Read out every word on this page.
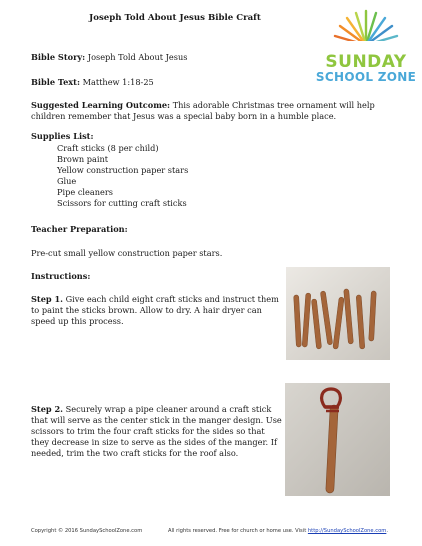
Joseph Told About Jesus Bible Craft
SUNDAY
SCHOOL ZONE
Bible Story: Joseph Told About Jesus
Bible Text: Matthew 1:18-25
Suggested Learning Outcome: This adorable Christmas tree ornament will help children remember that Jesus was a special baby born in a humble place.
Supplies List:
Craft sticks (8 per child)
Brown paint
Yellow construction paper stars
Glue
Pipe cleaners
Scissors for cutting craft sticks
Teacher Preparation:
Pre-cut small yellow construction paper stars.
Instructions:
Step 1. Give each child eight craft sticks and instruct them to paint the sticks brown. Allow to dry. A hair dryer can speed up this process.
Step 2. Securely wrap a pipe cleaner around a craft stick that will serve as the center stick in the manger design. Use scissors to trim the four craft sticks for the sides so that they decrease in size to serve as the sides of the manger. If needed, trim the two craft sticks for the roof also.
Copyright © 2016 SundaySchoolZone.com	All rights reserved. Free for church or home use. Visit http://SundaySchoolZone.com.
